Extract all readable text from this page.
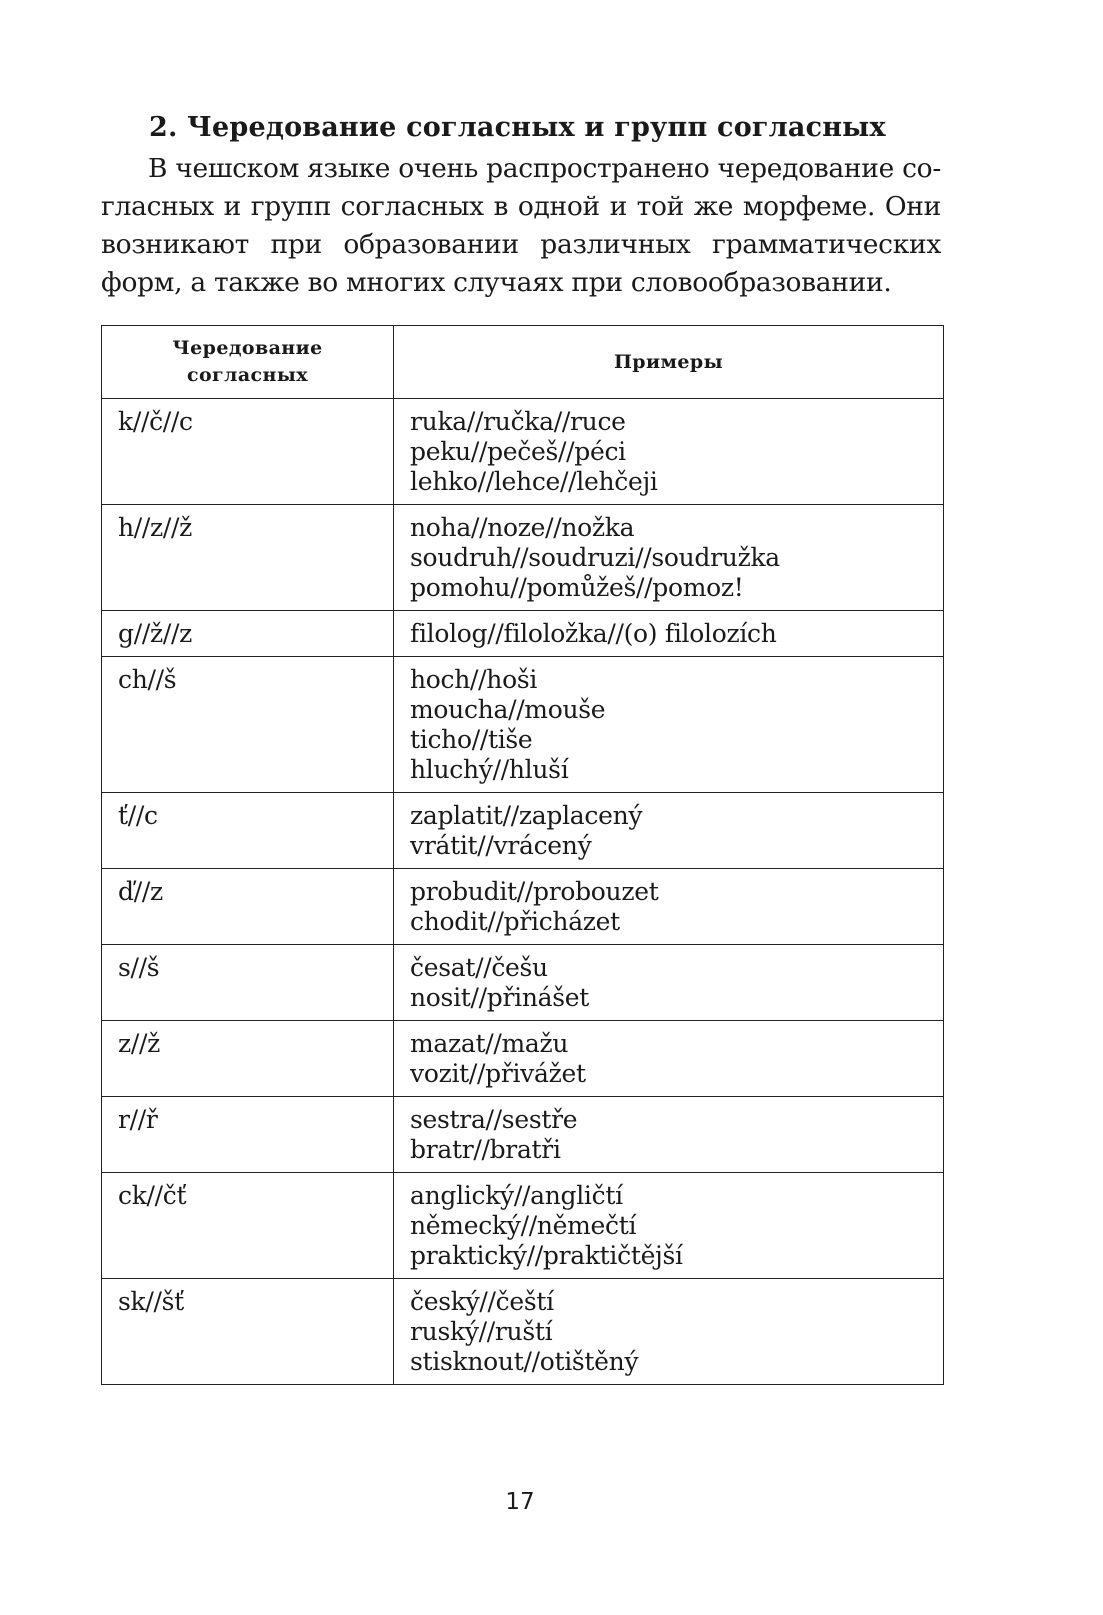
2. Чередование согласных и групп согласных
В чешском языке очень распространено чередование со-
гласных и групп согласных в одной и той же морфеме. Они
возникают при образовании различных грамматических
форм, а также во многих случаях при словообразовании.
Чередование
согласных	Примеры
k//č//c	ruka//ručka//ruce
peku//pečeš//péci
lehko//lehce//lehčeji

h//z//ž	noha//noze//nožka
soudruh//soudruzi//soudružka
pomohu//pomůžeš//pomoz!

g//ž//z	filolog//filoložka//(o) filolozích

ch//š	hoch//hoši
moucha//mouše
ticho//tiše
hluchý//hluší

ť//c	zaplatit//zaplacený
vrátit//vrácený

ď//z	probudit//probouzet
chodit//přicházet

s//š	česat//češu
nosit//přinášet

z//ž	mazat//mažu
vozit//přivážet

r//ř	sestra//sestře
bratr//bratři

ck//čť	anglický//angličtí
německý//němečtí
praktický//praktičtější

sk//šť	český//čeští
ruský//ruští
stisknout//otištěný
17
